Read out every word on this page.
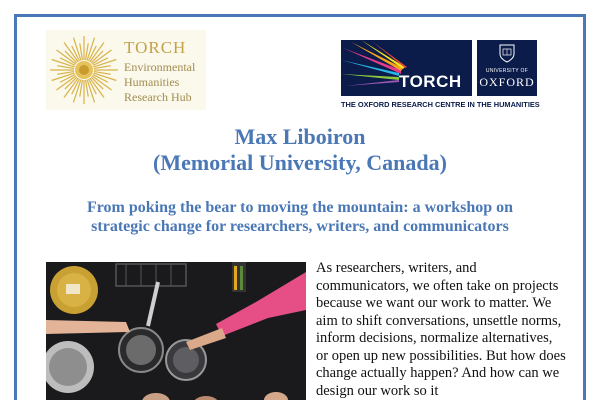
TORCH
Environmental
Humanities
Research Hub
TORCH
UNIVERSITY OF
OXFORD
THE OXFORD RESEARCH CENTRE IN THE HUMANITIES
Max Liboiron
(Memorial University, Canada)
From poking the bear to moving the mountain: a workshop on
strategic change for researchers, writers, and communicators
As researchers, writers, and communicators, we often take on projects because we want our work to matter. We aim to shift conversations, unsettle norms, inform decisions, normalize alternatives, or open up new possibilities. But how does change actually happen? And how can we design our work so it
